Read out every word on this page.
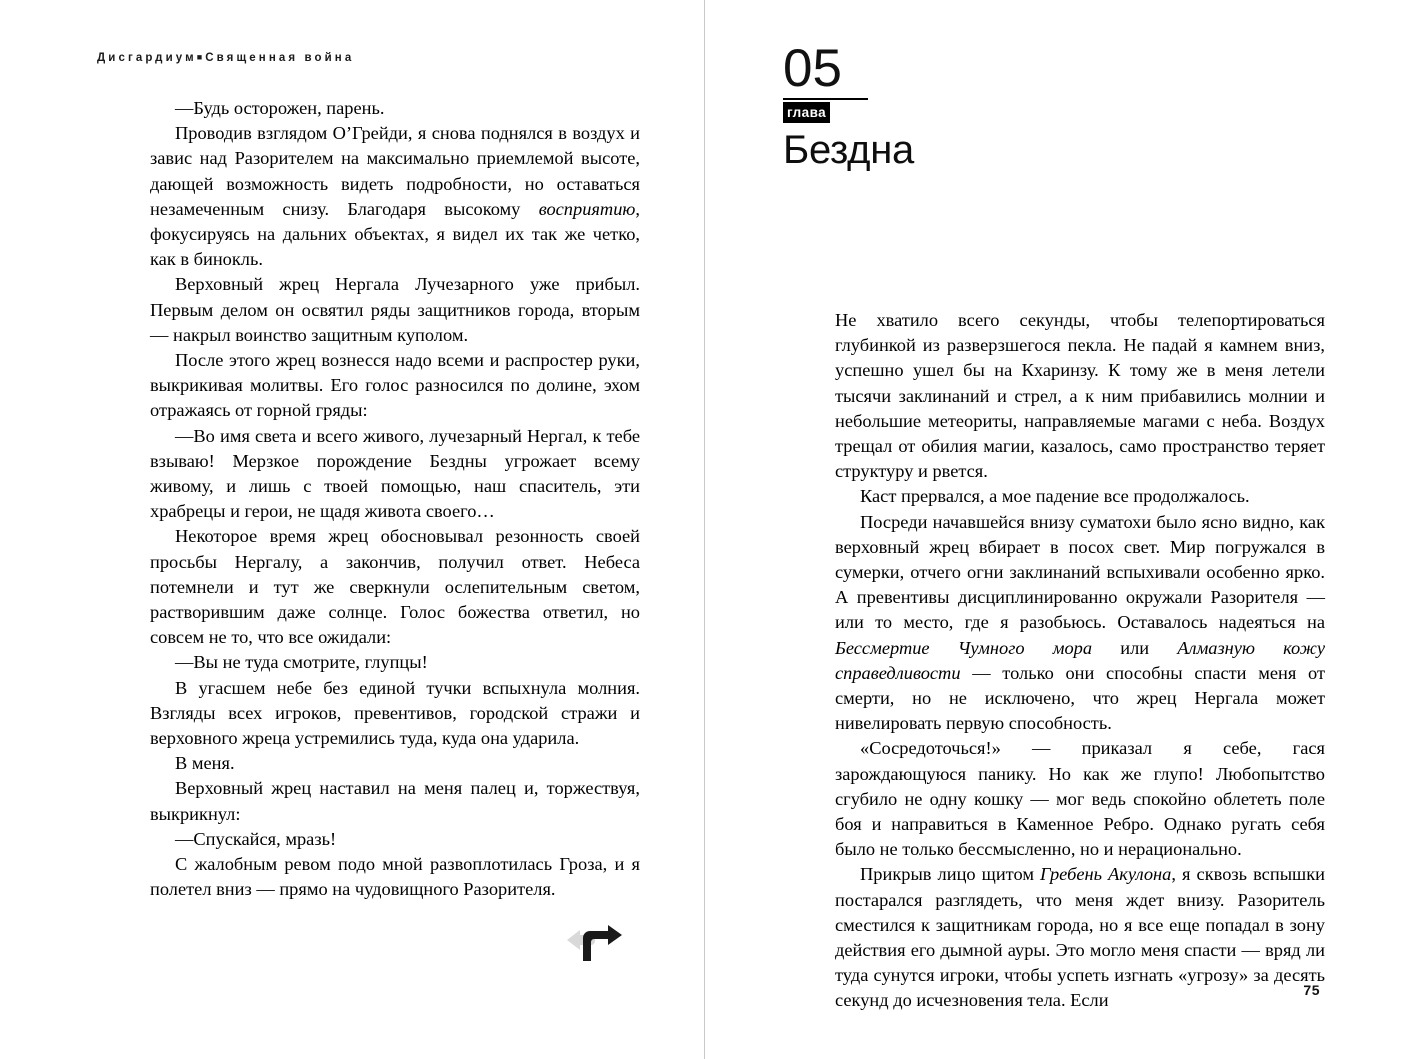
Дисгардиум■Священная война

—Будь осторожен, парень.

Проводив взглядом О’Грейди, я снова поднялся в воздух и завис над Разорителем на максимально приемлемой высоте, дающей возможность видеть подробности, но оставаться незамеченным снизу. Благодаря высокому восприятию, фокусируясь на дальних объектах, я видел их так же четко, как в бинокль.

Верховный жрец Нергала Лучезарного уже прибыл. Первым делом он освятил ряды защитников города, вторым — накрыл воинство защитным куполом.

После этого жрец вознесся надо всеми и распростер руки, выкрикивая молитвы. Его голос разносился по долине, эхом отражаясь от горной гряды:

—Во имя света и всего живого, лучезарный Нергал, к тебе взываю! Мерзкое порождение Бездны угрожает всему живому, и лишь с твоей помощью, наш спаситель, эти храбрецы и герои, не щадя живота своего…

Некоторое время жрец обосновывал резонность своей просьбы Нергалу, а закончив, получил ответ. Небеса потемнели и тут же сверкнули ослепительным светом, растворившим даже солнце. Голос божества ответил, но совсем не то, что все ожидали:

—Вы не туда смотрите, глупцы!

В угасшем небе без единой тучки вспыхнула молния. Взгляды всех игроков, превентивов, городской стражи и верховного жреца устремились туда, куда она ударила.

В меня.

Верховный жрец наставил на меня палец и, торжествуя, выкрикнул:

—Спускайся, мразь!

С жалобным ревом подо мной развоплотилась Гроза, и я полетел вниз — прямо на чудовищного Разорителя.

05
глава
Бездна

Не хватило всего секунды, чтобы телепортироваться глубинкой из разверзшегося пекла. Не падай я камнем вниз, успешно ушел бы на Кхаринзу. К тому же в меня летели тысячи заклинаний и стрел, а к ним прибавились молнии и небольшие метеориты, направляемые магами с неба. Воздух трещал от обилия магии, казалось, само пространство теряет структуру и рвется.

Каст прервался, а мое падение все продолжалось.

Посреди начавшейся внизу суматохи было ясно видно, как верховный жрец вбирает в посох свет. Мир погружался в сумерки, отчего огни заклинаний вспыхивали особенно ярко. А превентивы дисциплинированно окружали Разорителя — или то место, где я разобьюсь. Оставалось надеяться на Бессмертие Чумного мора или Алмазную кожу справедливости — только они способны спасти меня от смерти, но не исключено, что жрец Нергала может нивелировать первую способность.

«Сосредоточься!» — приказал я себе, гася зарождающуюся панику. Но как же глупо! Любопытство сгубило не одну кошку — мог ведь спокойно облететь поле боя и направиться в Каменное Ребро. Однако ругать себя было не только бессмысленно, но и нерационально.

Прикрыв лицо щитом Гребень Акулона, я сквозь вспышки постарался разглядеть, что меня ждет внизу. Разоритель сместился к защитникам города, но я все еще попадал в зону действия его дымной ауры. Это могло меня спасти — вряд ли туда сунутся игроки, чтобы успеть изгнать «угрозу» за десять секунд до исчезновения тела. Если

75
